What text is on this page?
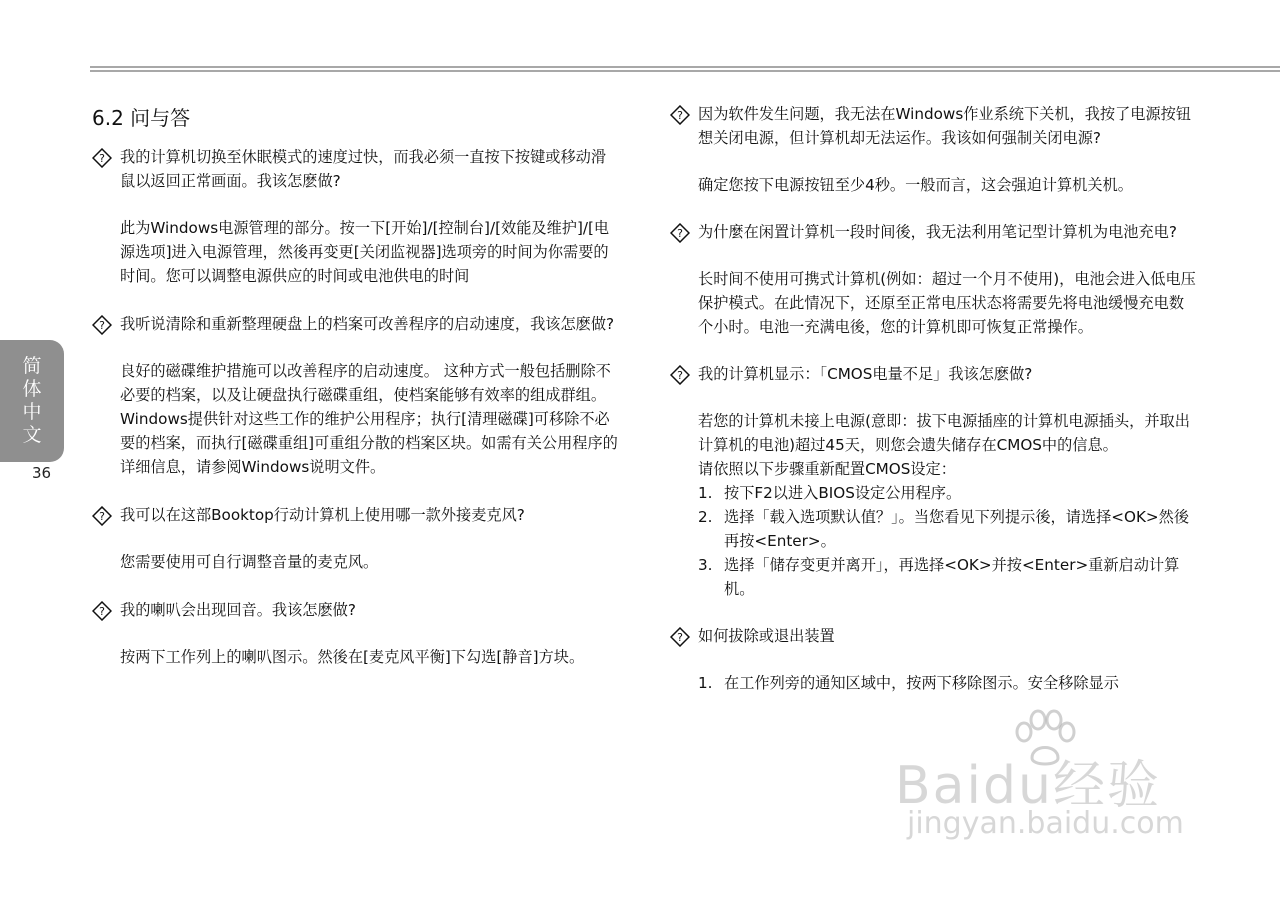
简
体
中
文
36
6.2 问与答

? 我的计算机切换至休眠模式的速度过快，而我必须一直按下按键或移动滑鼠以返回正常画面。我该怎麽做?

此为Windows电源管理的部分。按一下[开始]/[控制台]/[效能及维护]/[电源选项]进入电源管理，然後再变更[关闭监视器]选项旁的时间为你需要的时间。您可以调整电源供应的时间或电池供电的时间

? 我听说清除和重新整理硬盘上的档案可改善程序的启动速度，我该怎麽做?

良好的磁碟维护措施可以改善程序的启动速度。 这种方式一般包括删除不必要的档案，以及让硬盘执行磁碟重组，使档案能够有效率的组成群组。Windows提供针对这些工作的维护公用程序；执行[清理磁碟]可移除不必要的档案，而执行[磁碟重组]可重组分散的档案区块。如需有关公用程序的详细信息，请参阅Windows说明文件。

? 我可以在这部Booktop行动计算机上使用哪一款外接麦克风?

您需要使用可自行调整音量的麦克风。

? 我的喇叭会出现回音。我该怎麽做?

按两下工作列上的喇叭图示。然後在[麦克风平衡]下勾选[静音]方块。

? 因为软件发生问题，我无法在Windows作业系统下关机，我按了电源按钮想关闭电源，但计算机却无法运作。我该如何强制关闭电源?

确定您按下电源按钮至少4秒。一般而言，这会强迫计算机关机。

? 为什麼在闲置计算机一段时间後，我无法利用笔记型计算机为电池充电?

长时间不使用可携式计算机(例如：超过一个月不使用)，电池会进入低电压保护模式。在此情况下，还原至正常电压状态将需要先将电池缓慢充电数个小时。电池一充满电後，您的计算机即可恢复正常操作。

? 我的计算机显示：「CMOS电量不足」我该怎麽做?

若您的计算机未接上电源(意即：拔下电源插座的计算机电源插头，并取出计算机的电池)超过45天，则您会遗失储存在CMOS中的信息。

请依照以下步骤重新配置CMOS设定：

1. 按下F2以进入BIOS设定公用程序。
2. 选择「载入选项默认值？」。当您看见下列提示後，请选择<OK>然後再按<Enter>。
3. 选择「储存变更并离开」，再选择<OK>并按<Enter>重新启动计算机。

? 如何拔除或退出装置

1. 在工作列旁的通知区域中，按两下移除图示。安全移除显示
Baidu经验
jingyan.baidu.com
